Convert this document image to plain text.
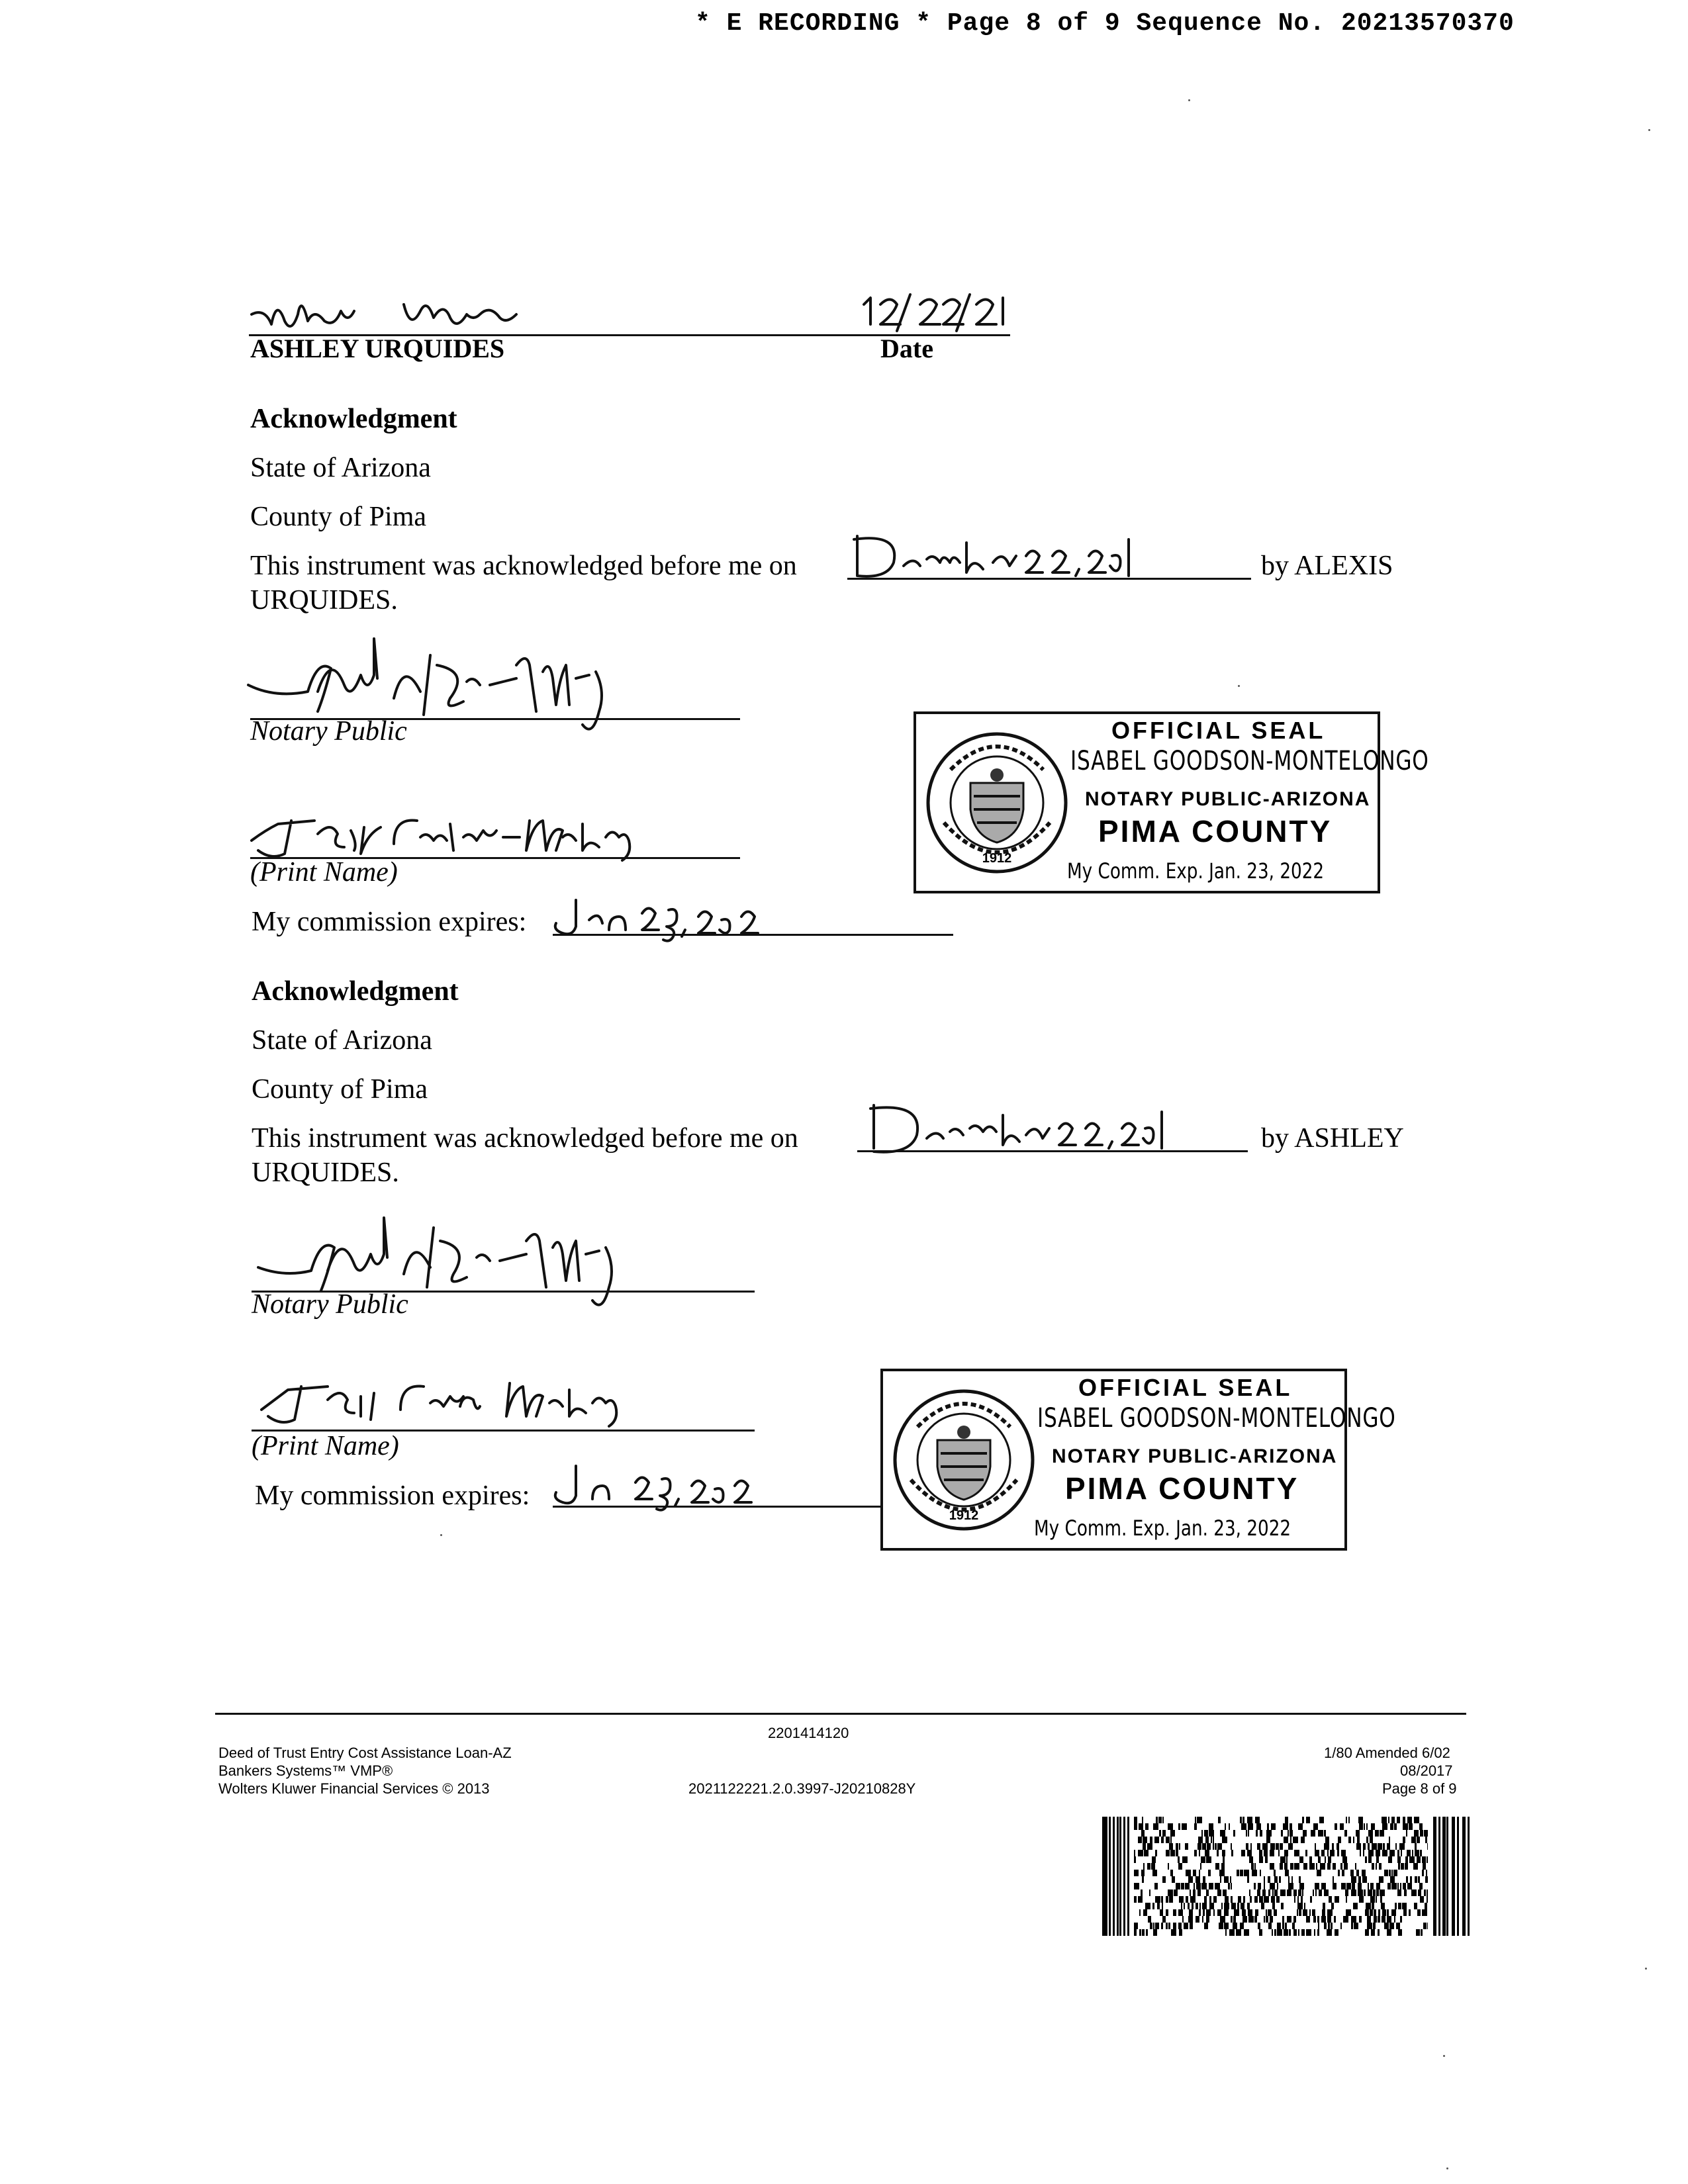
* E RECORDING * Page 8 of 9 Sequence No. 20213570370
ASHLEY URQUIDES	Date
Acknowledgment
State of Arizona
County of Pima
This instrument was acknowledged before me on	by ALEXIS
URQUIDES.
Notary Public
(Print Name)
My commission expires:
1912
OFFICIAL SEAL
ISABEL GOODSON-MONTELONGO
NOTARY PUBLIC-ARIZONA
PIMA COUNTY
My Comm. Exp. Jan. 23, 2022
Acknowledgment
State of Arizona
County of Pima
This instrument was acknowledged before me on	by ASHLEY
URQUIDES.
Notary Public
(Print Name)
My commission expires:
1912
OFFICIAL SEAL
ISABEL GOODSON-MONTELONGO
NOTARY PUBLIC-ARIZONA
PIMA COUNTY
My Comm. Exp. Jan. 23, 2022
2201414120
Deed of Trust Entry Cost Assistance Loan-AZ
Bankers Systems™ VMP®
Wolters Kluwer Financial Services © 2013	2021122221.2.0.3997-J20210828Y
1/80 Amended 6/02
08/2017
Page 8 of 9
